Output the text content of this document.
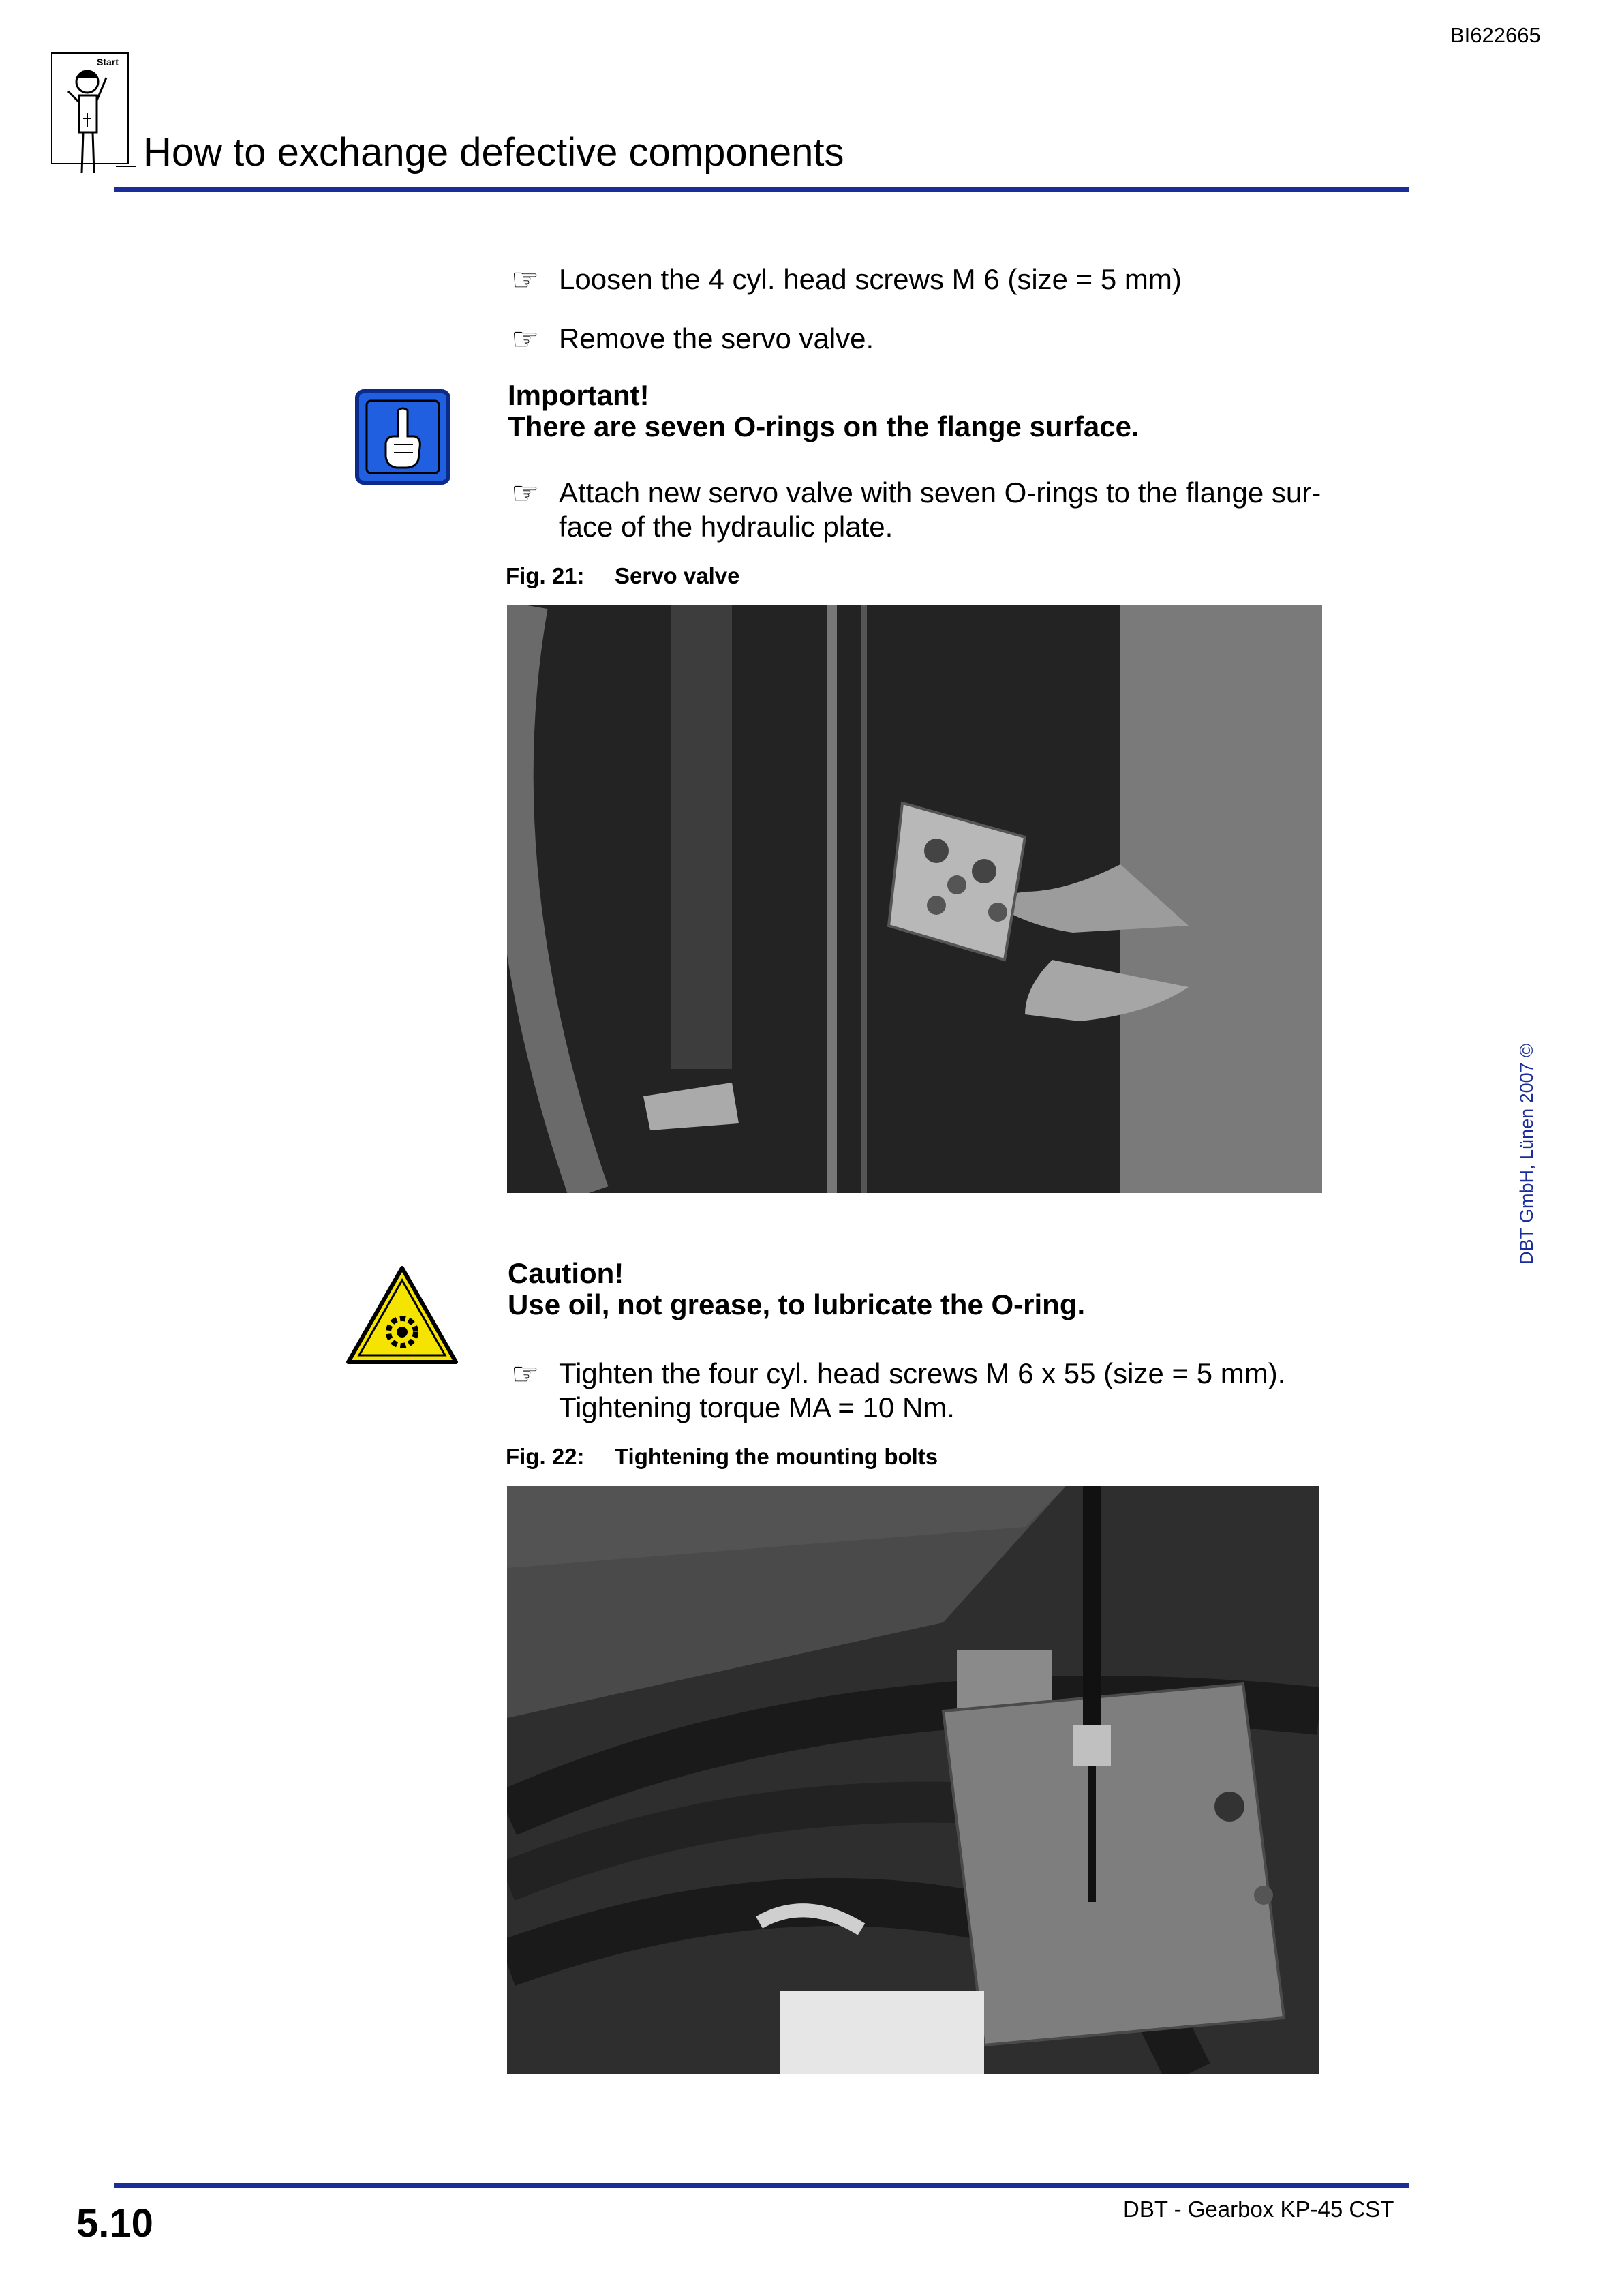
BI622665
Start
How to exchange defective components
☞ Loosen the 4 cyl. head screws M 6 (size = 5 mm)
☞ Remove the servo valve.
Important!
There are seven O-rings on the flange surface.
☞ Attach new servo valve with seven O-rings to the flange sur-
face of the hydraulic plate.
Fig. 21: Servo valve
Caution!
Use oil, not grease, to lubricate the O-ring.
☞ Tighten the four cyl. head screws M 6 x 55 (size = 5 mm).
Tightening torque MA = 10 Nm.
Fig. 22: Tightening the mounting bolts
DBT GmbH, Lünen 2007 ©
5.10	DBT - Gearbox KP-45 CST
